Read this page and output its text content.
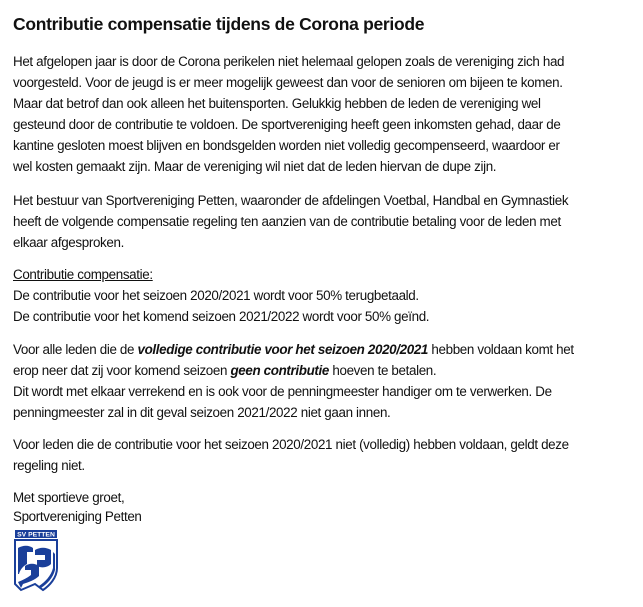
Contributie compensatie tijdens de Corona periode
Het afgelopen jaar is door de Corona perikelen niet helemaal gelopen zoals de vereniging zich had
voorgesteld. Voor de jeugd is er meer mogelijk geweest dan voor de senioren om bijeen te komen.
Maar dat betrof dan ook alleen het buitensporten. Gelukkig hebben de leden de vereniging wel
gesteund door de contributie te voldoen. De sportvereniging heeft geen inkomsten gehad, daar de
kantine gesloten moest blijven en bondsgelden worden niet volledig gecompenseerd, waardoor er
wel kosten gemaakt zijn. Maar de vereniging wil niet dat de leden hiervan de dupe zijn.
Het bestuur van Sportvereniging Petten, waaronder de afdelingen Voetbal, Handbal en Gymnastiek
heeft de volgende compensatie regeling ten aanzien van de contributie betaling voor de leden met
elkaar afgesproken.
Contributie compensatie:
De contributie voor het seizoen 2020/2021 wordt voor 50% terugbetaald.
De contributie voor het komend seizoen 2021/2022 wordt voor 50% geïnd.
Voor alle leden die de volledige contributie voor het seizoen 2020/2021 hebben voldaan komt het
erop neer dat zij voor komend seizoen geen contributie hoeven te betalen.
Dit wordt met elkaar verrekend en is ook voor de penningmeester handiger om te verwerken. De
penningmeester zal in dit geval seizoen 2021/2022 niet gaan innen.
Voor leden die de contributie voor het seizoen 2020/2021 niet (volledig) hebben voldaan, geldt deze
regeling niet.
Met sportieve groet,
Sportvereniging Petten
SV PETTEN
